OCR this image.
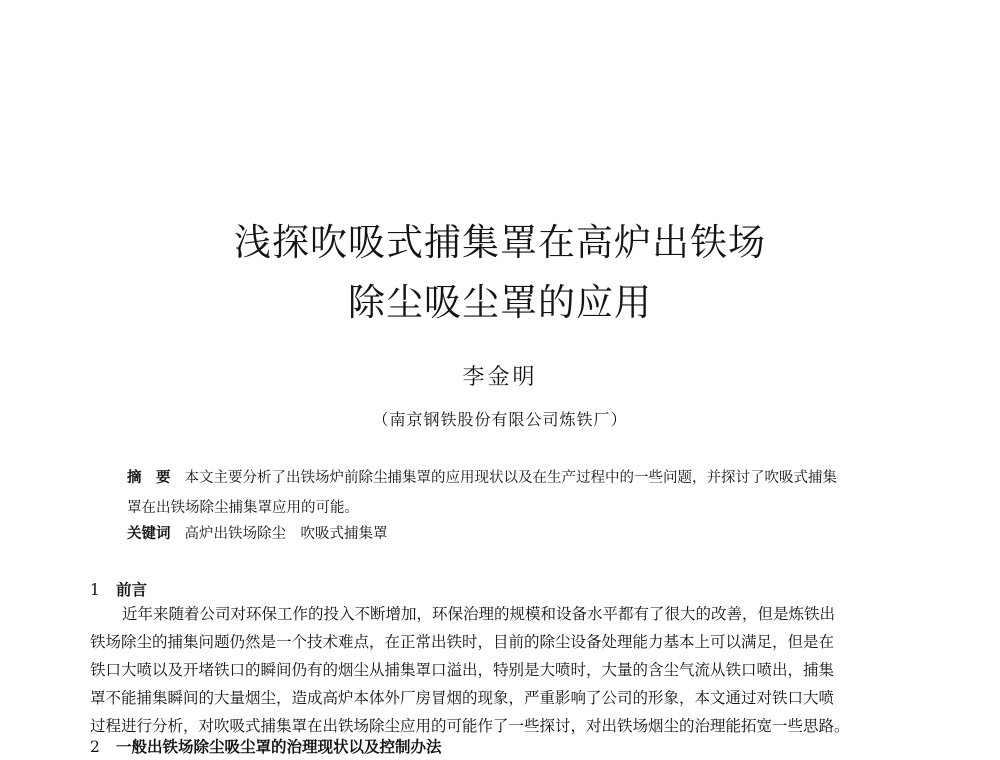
浅探吹吸式捕集罩在高炉出铁场
除尘吸尘罩的应用
李金明
（南京钢铁股份有限公司炼铁厂）
摘　要 本文主要分析了出铁场炉前除尘捕集罩的应用现状以及在生产过程中的一些问题，并探讨了吹吸式捕集
罩在出铁场除尘捕集罩应用的可能。
关键词 高炉出铁场除尘　吹吸式捕集罩
1 前言
近年来随着公司对环保工作的投入不断增加，环保治理的规模和设备水平都有了很大的改善，但是炼铁出
铁场除尘的捕集问题仍然是一个技术难点，在正常出铁时，目前的除尘设备处理能力基本上可以满足，但是在
铁口大喷以及开堵铁口的瞬间仍有的烟尘从捕集罩口溢出，特别是大喷时，大量的含尘气流从铁口喷出，捕集
罩不能捕集瞬间的大量烟尘，造成高炉本体外厂房冒烟的现象，严重影响了公司的形象，本文通过对铁口大喷
过程进行分析，对吹吸式捕集罩在出铁场除尘应用的可能作了一些探讨，对出铁场烟尘的治理能拓宽一些思路。
2 一般出铁场除尘吸尘罩的治理现状以及控制办法
